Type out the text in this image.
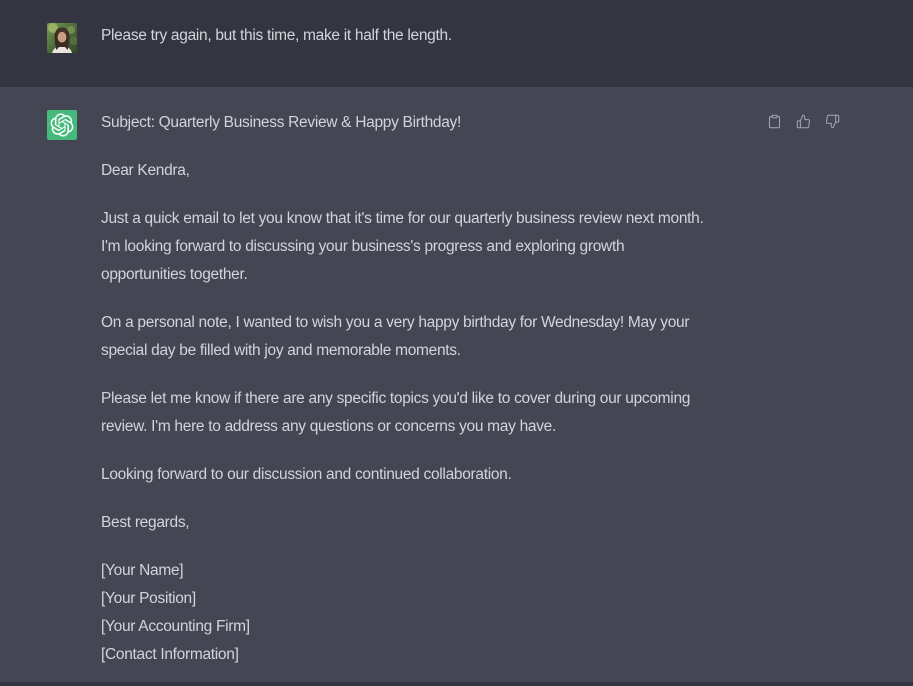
Please try again, but this time, make it half the length.
Subject: Quarterly Business Review & Happy Birthday!
Dear Kendra,
Just a quick email to let you know that it's time for our quarterly business review next month.
I'm looking forward to discussing your business's progress and exploring growth
opportunities together.
On a personal note, I wanted to wish you a very happy birthday for Wednesday! May your
special day be filled with joy and memorable moments.
Please let me know if there are any specific topics you'd like to cover during our upcoming
review. I'm here to address any questions or concerns you may have.
Looking forward to our discussion and continued collaboration.
Best regards,
[Your Name]
[Your Position]
[Your Accounting Firm]
[Contact Information]
